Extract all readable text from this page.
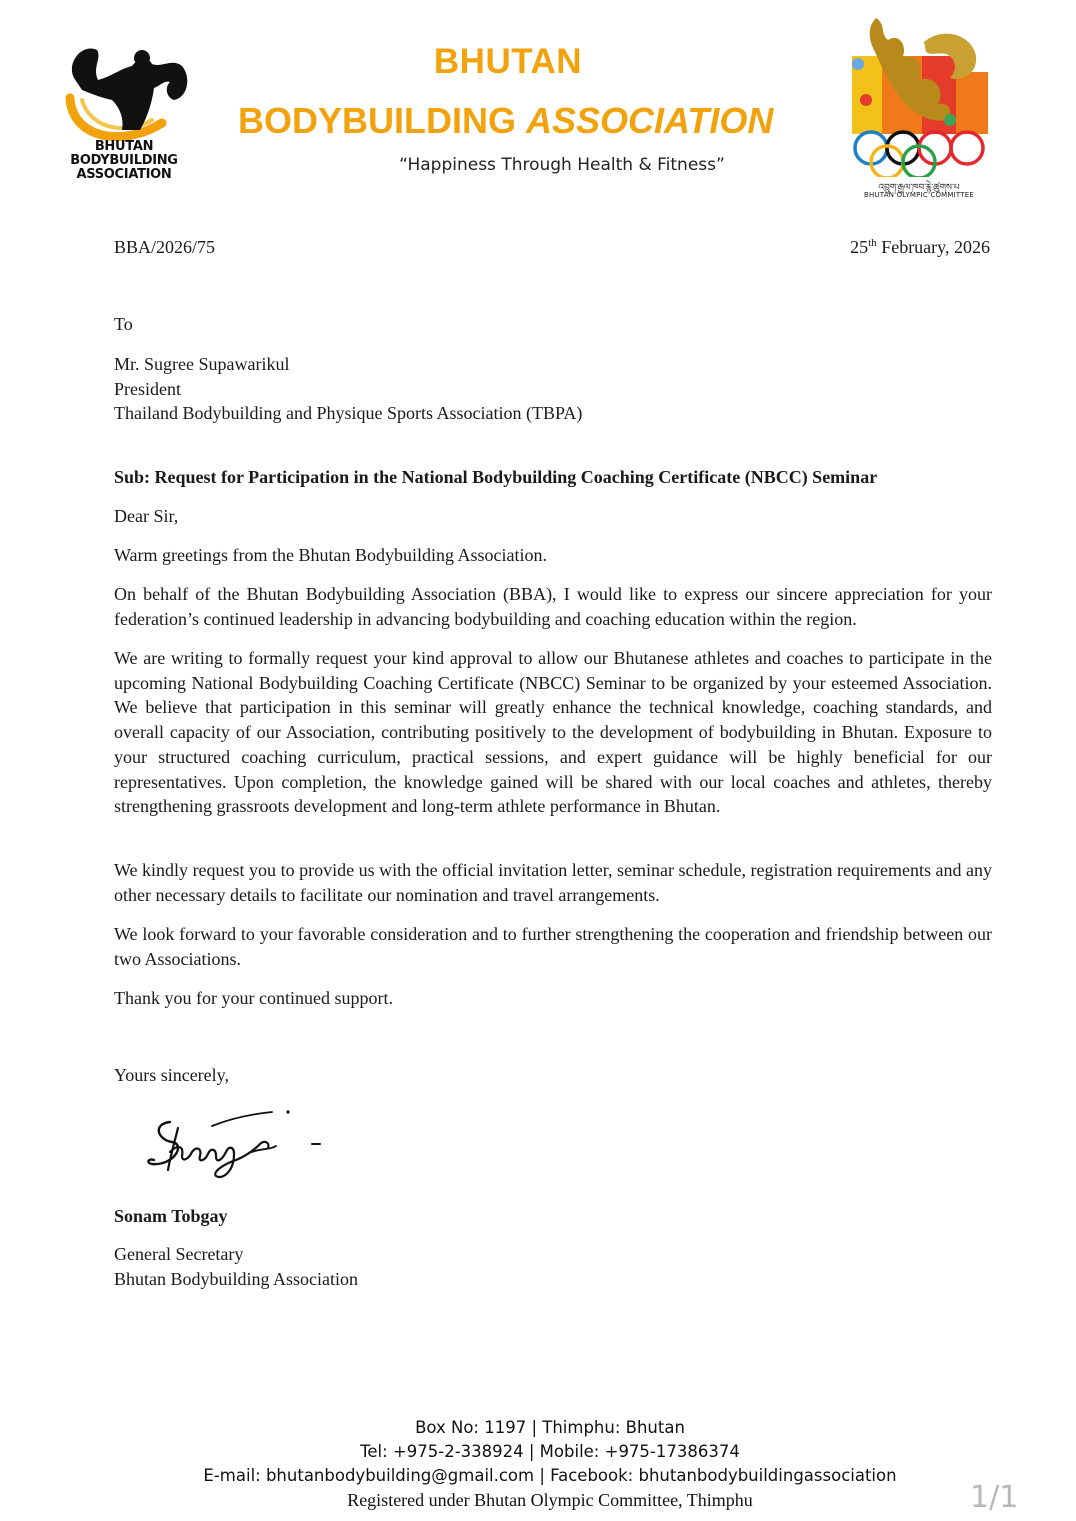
BHUTAN BODYBUILDING
ASSOCIATION
BHUTAN
BODYBUILDING ASSOCIATION
“Happiness Through Health & Fitness”
འབྲུག་རྒྱལ་ཁབ་རྙེ་ཚུགས་པ
BHUTAN OLYMPIC COMMITTEE
BBA/2026/75	25th February, 2026
To
Mr. Sugree Supawarikul
President
Thailand Bodybuilding and Physique Sports Association (TBPA)
Sub: Request for Participation in the National Bodybuilding Coaching Certificate (NBCC) Seminar
Dear Sir,
Warm greetings from the Bhutan Bodybuilding Association.
On behalf of the Bhutan Bodybuilding Association (BBA), I would like to express our sincere appreciation for your federation’s continued leadership in advancing bodybuilding and coaching education within the region.
We are writing to formally request your kind approval to allow our Bhutanese athletes and coaches to participate in the upcoming National Bodybuilding Coaching Certificate (NBCC) Seminar to be organized by your esteemed Association. We believe that participation in this seminar will greatly enhance the technical knowledge, coaching standards, and overall capacity of our Association, contributing positively to the development of bodybuilding in Bhutan. Exposure to your structured coaching curriculum, practical sessions, and expert guidance will be highly beneficial for our representatives. Upon completion, the knowledge gained will be shared with our local coaches and athletes, thereby strengthening grassroots development and long-term athlete performance in Bhutan.
We kindly request you to provide us with the official invitation letter, seminar schedule, registration requirements and any other necessary details to facilitate our nomination and travel arrangements.
We look forward to your favorable consideration and to further strengthening the cooperation and friendship between our two Associations.
Thank you for your continued support.
Yours sincerely,
Sonam Tobgay
General Secretary
Bhutan Bodybuilding Association
Box No: 1197 | Thimphu: Bhutan
Tel: +975-2-338924 | Mobile: +975-17386374
E-mail: bhutanbodybuilding@gmail.com | Facebook: bhutanbodybuildingassociation
Registered under Bhutan Olympic Committee, Thimphu	1/1
